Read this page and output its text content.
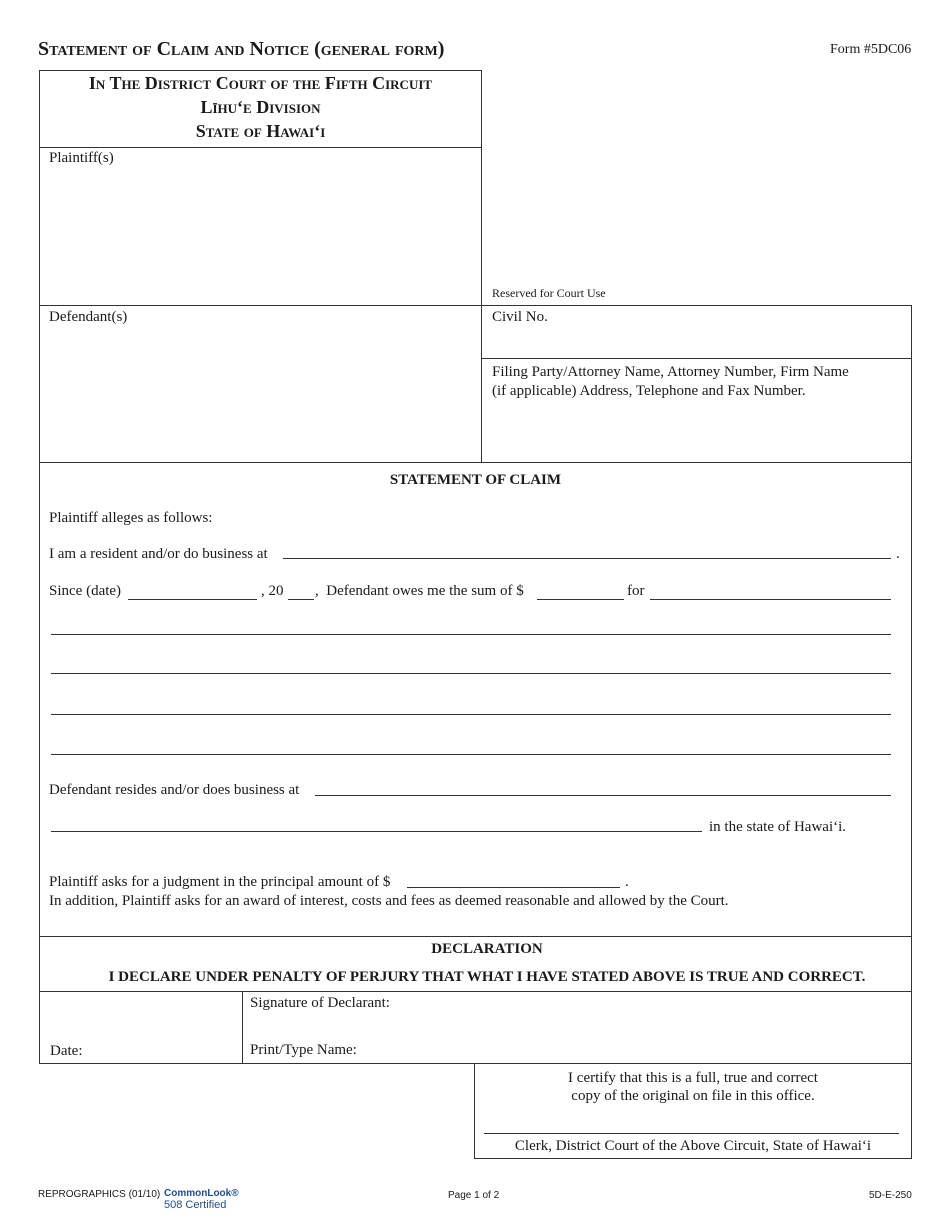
Statement of Claim and Notice (general form)	Form #5DC06
In The District Court of the Fifth Circuit
Līhuʻe Division
State of Hawaiʻi
Plaintiff(s)
Reserved for Court Use
Defendant(s)	Civil No.
Filing Party/Attorney Name, Attorney Number, Firm Name
(if applicable) Address, Telephone and Fax Number.
STATEMENT OF CLAIM
Plaintiff alleges as follows:
I am a resident and/or do business at	.
Since (date)	, 20 ,  Defendant owes me the sum of $	for
Defendant resides and/or does business at
in the state of Hawaiʻi.
Plaintiff asks for a judgment in the principal amount of $	.
In addition, Plaintiff asks for an award of interest, costs and fees as deemed reasonable and allowed by the Court.
DECLARATION
I DECLARE UNDER PENALTY OF PERJURY THAT WHAT I HAVE STATED ABOVE IS TRUE AND CORRECT.
Date:
Signature of Declarant:
Print/Type Name:
I certify that this is a full, true and correct
copy of the original on file in this office.
Clerk, District Court of the Above Circuit, State of Hawaiʻi
REPROGRAPHICS (01/10) CommonLook®
508 Certified
Page 1 of 2	5D-E-250
